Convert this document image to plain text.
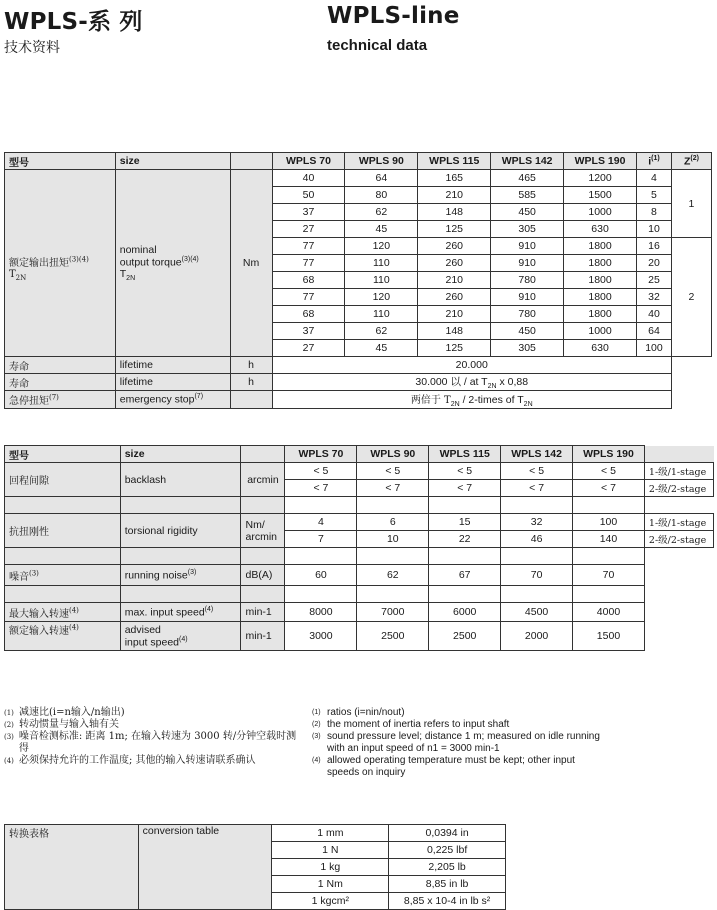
WPLS-系 列
技术资料
WPLS-line
technical data
型号	size		WPLS 70	WPLS 90	WPLS 115	WPLS 142	WPLS 190	$i^{(1)}$	$Z^{(2)}$
额定输出扭矩$^{(3)(4)}$
$T_{2N}$	nominal
output torque$^{(3)(4)}$
$T_{2N}$	Nm	40	64	165	465	1200	4	1
			50	80	210	585	1500	5	
			37	62	148	450	1000	8	
			27	45	125	305	630	10	
			77	120	260	910	1800	16	2
			77	110	260	910	1800	20	
			68	110	210	780	1800	25	
			77	120	260	910	1800	32	
			68	110	210	780	1800	40	
			37	62	148	450	1000	64	
			27	45	125	305	630	100	
寿命	lifetime	h	20.000						
寿命	lifetime	h	30.000 以 / at $T_{2N}$ x 0,88						
急停扭矩$^{(7)}$	emergency stop$^{(7)}$		两倍于 $T_{2N}$ / 2-times of $T_{2N}$	
型号	size		WPLS 70	WPLS 90	WPLS 115	WPLS 142	WPLS 190	
回程间隙	backlash	arcmin	< 5	< 5	< 5	< 5	< 5	1-级/1-stage
			< 7	< 7	< 7	< 7	< 7	2-级/2-stage

抗扭刚性	torsional rigidity	Nm/
arcmin	4	6	15	32	100	1-级/1-stage
			7	10	22	46	140	2-级/2-stage

噪音$^{(3)}$	running noise$^{(3)}$	dB(A)	60	62	67	70	70	

最大输入转速$^{(4)}$	max. input speed$^{(4)}$	min-1	8000	7000	6000	4500	4000	
额定输入转速$^{(4)}$	advised
input speed$^{(4)}$	min-1	3000	2500	2500	2000	1500	
(1) 减速比(i=n输入/n输出)
(2) 转动惯量与输入轴有关
(3) 噪音检测标准: 距离 1m; 在输入转速为 3000 转/分钟空载时测得
(4) 必须保持允许的工作温度; 其他的输入转速请联系确认
(1) ratios (i=nin/nout)
(2) the moment of inertia refers to input shaft
(3) sound pressure level; distance 1 m; measured on idle running
with an input speed of n1 = 3000 min-1
(4) allowed operating temperature must be kept; other input
speeds on inquiry
转换表格	conversion table	1 mm	0,0394 in
		1 N	0,225 lbf
		1 kg	2,205 lb
		1 Nm	8,85 in lb
		1 kgcm²	8,85 x 10-4 in lb s²
